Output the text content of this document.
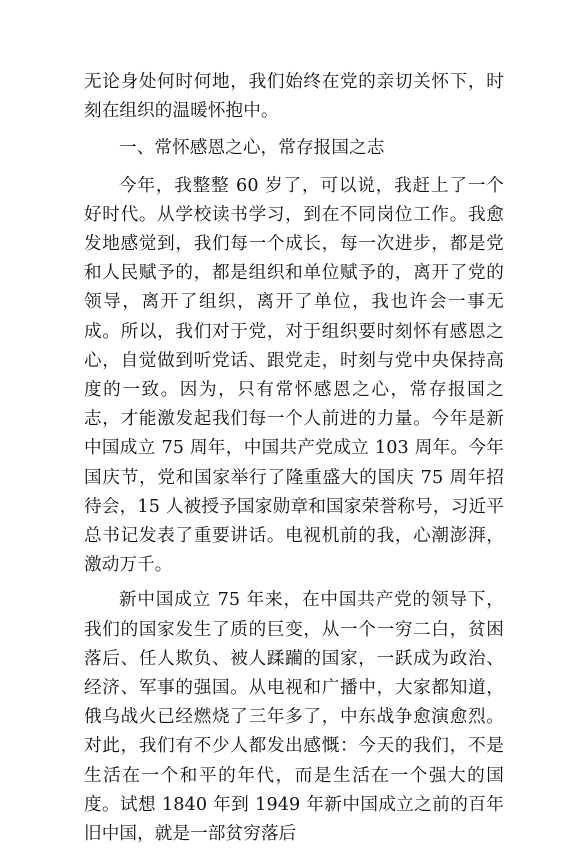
无论身处何时何地，我们始终在党的亲切关怀下，时刻在组织的温暖怀抱中。

一、常怀感恩之心，常存报国之志

今年，我整整 60 岁了，可以说，我赶上了一个好时代。从学校读书学习，到在不同岗位工作。我愈发地感觉到，我们每一个成长，每一次进步，都是党和人民赋予的，都是组织和单位赋予的，离开了党的领导，离开了组织，离开了单位，我也许会一事无成。所以，我们对于党，对于组织要时刻怀有感恩之心，自觉做到听党话、跟党走，时刻与党中央保持高度的一致。因为，只有常怀感恩之心，常存报国之志，才能激发起我们每一个人前进的力量。今年是新中国成立 75 周年，中国共产党成立 103 周年。今年国庆节，党和国家举行了隆重盛大的国庆 75 周年招待会，15 人被授予国家勋章和国家荣誉称号，习近平总书记发表了重要讲话。电视机前的我，心潮澎湃，激动万千。

新中国成立 75 年来，在中国共产党的领导下，我们的国家发生了质的巨变，从一个一穷二白，贫困落后、任人欺负、被人蹂躏的国家，一跃成为政治、经济、军事的强国。从电视和广播中，大家都知道，俄乌战火已经燃烧了三年多了，中东战争愈演愈烈。对此，我们有不少人都发出感慨：今天的我们，不是生活在一个和平的年代，而是生活在一个强大的国度。试想 1840 年到 1949 年新中国成立之前的百年旧中国，就是一部贫穷落后
